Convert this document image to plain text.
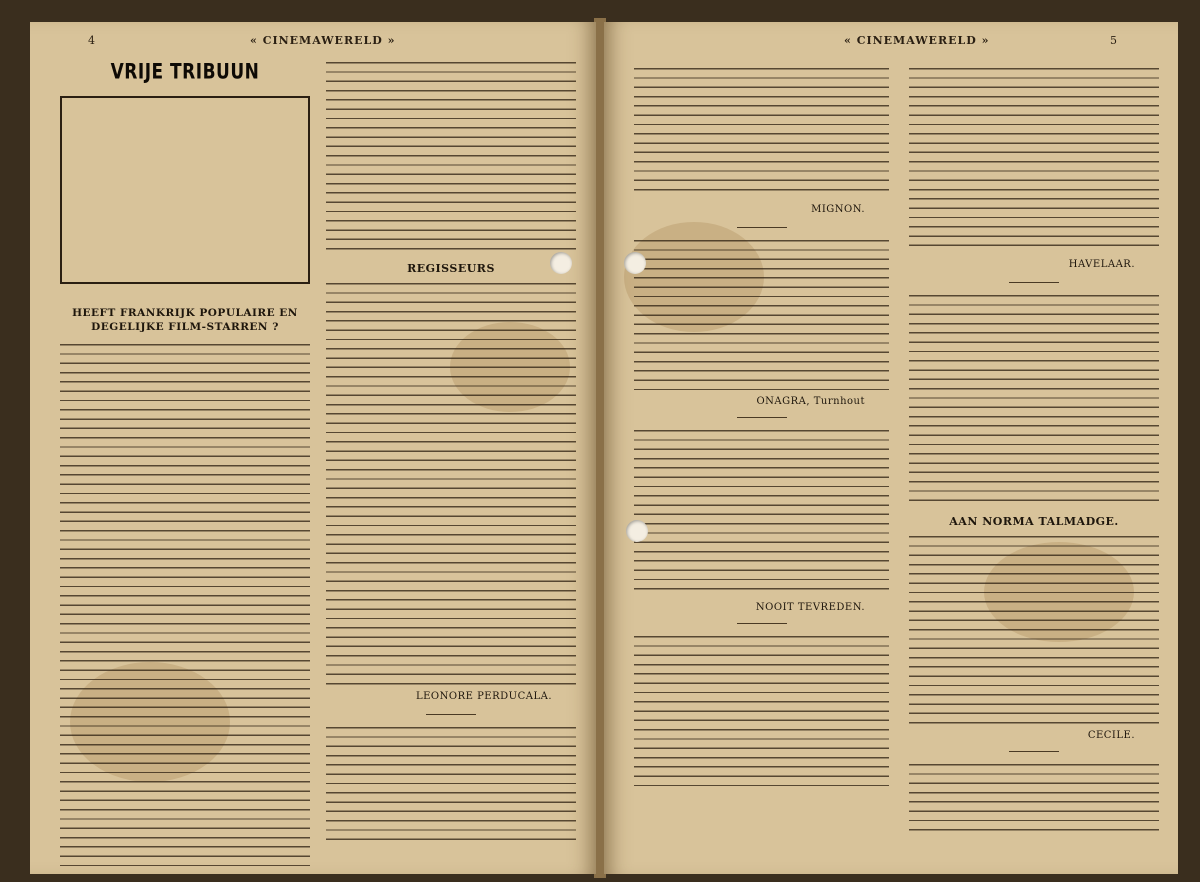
4	« CINEMAWERELD »
VRIJE TRIBUUN
HEEFT FRANKRIJK POPULAIRE EN DEGELIJKE FILM-STARREN ?
REGISSEURS
LEONORE PERDUCALA.
« CINEMAWERELD »	5
MIGNON.
ONAGRA, Turnhout
NOOIT TEVREDEN.
HAVELAAR.
AAN NORMA TALMADGE.
CECILE.
